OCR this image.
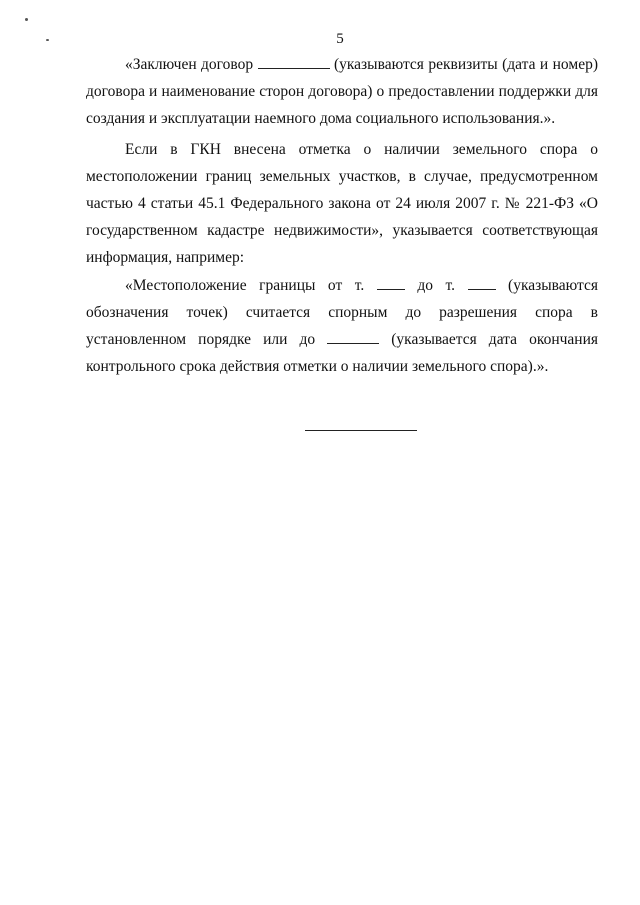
5

«Заключен договор	(указываются реквизиты (дата и номер) договора и наименование сторон договора) о предоставлении поддержки для создания и эксплуатации наемного дома социального использования.».

Если в ГКН внесена отметка о наличии земельного спора о местоположении границ земельных участков, в случае, предусмотренном частью 4 статьи 45.1 Федерального закона от 24 июля 2007 г. № 221-ФЗ «О государственном кадастре недвижимости», указывается соответствующая информация, например:

«Местоположение границы от т.	до т.	(указываются обозначения точек) считается спорным до разрешения спора в установленном порядке или до	(указывается дата окончания контрольного срока действия отметки о наличии земельного спора).».
